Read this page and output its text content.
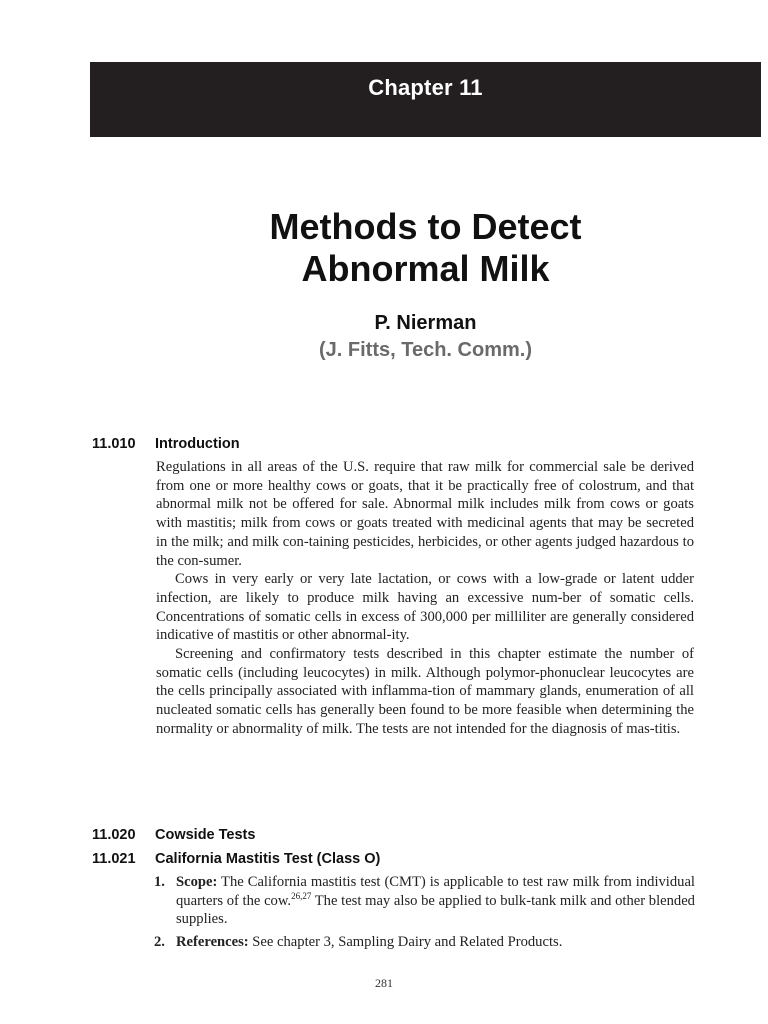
Chapter 11
Methods to Detect
Abnormal Milk
P. Nierman
(J. Fitts, Tech. Comm.)
11.010 Introduction

Regulations in all areas of the U.S. require that raw milk for commercial sale be derived from one or more healthy cows or goats, that it be practically free of colostrum, and that abnormal milk not be offered for sale. Abnormal milk includes milk from cows or goats with mastitis; milk from cows or goats treated with medicinal agents that may be secreted in the milk; and milk con-taining pesticides, herbicides, or other agents judged hazardous to the con-sumer.

Cows in very early or very late lactation, or cows with a low-grade or latent udder infection, are likely to produce milk having an excessive num-ber of somatic cells. Concentrations of somatic cells in excess of 300,000 per milliliter are generally considered indicative of mastitis or other abnormal-ity.

Screening and confirmatory tests described in this chapter estimate the number of somatic cells (including leucocytes) in milk. Although polymor-phonuclear leucocytes are the cells principally associated with inflamma-tion of mammary glands, enumeration of all nucleated somatic cells has generally been found to be more feasible when determining the normality or abnormality of milk. The tests are not intended for the diagnosis of mas-titis.

11.020 Cowside Tests
11.021 California Mastitis Test (Class O)
1. Scope: The California mastitis test (CMT) is applicable to test raw milk from individual quarters of the cow.$^{26,27}$ The test may also be applied to bulk-tank milk and other blended supplies.
2. References: See chapter 3, Sampling Dairy and Related Products.
281
